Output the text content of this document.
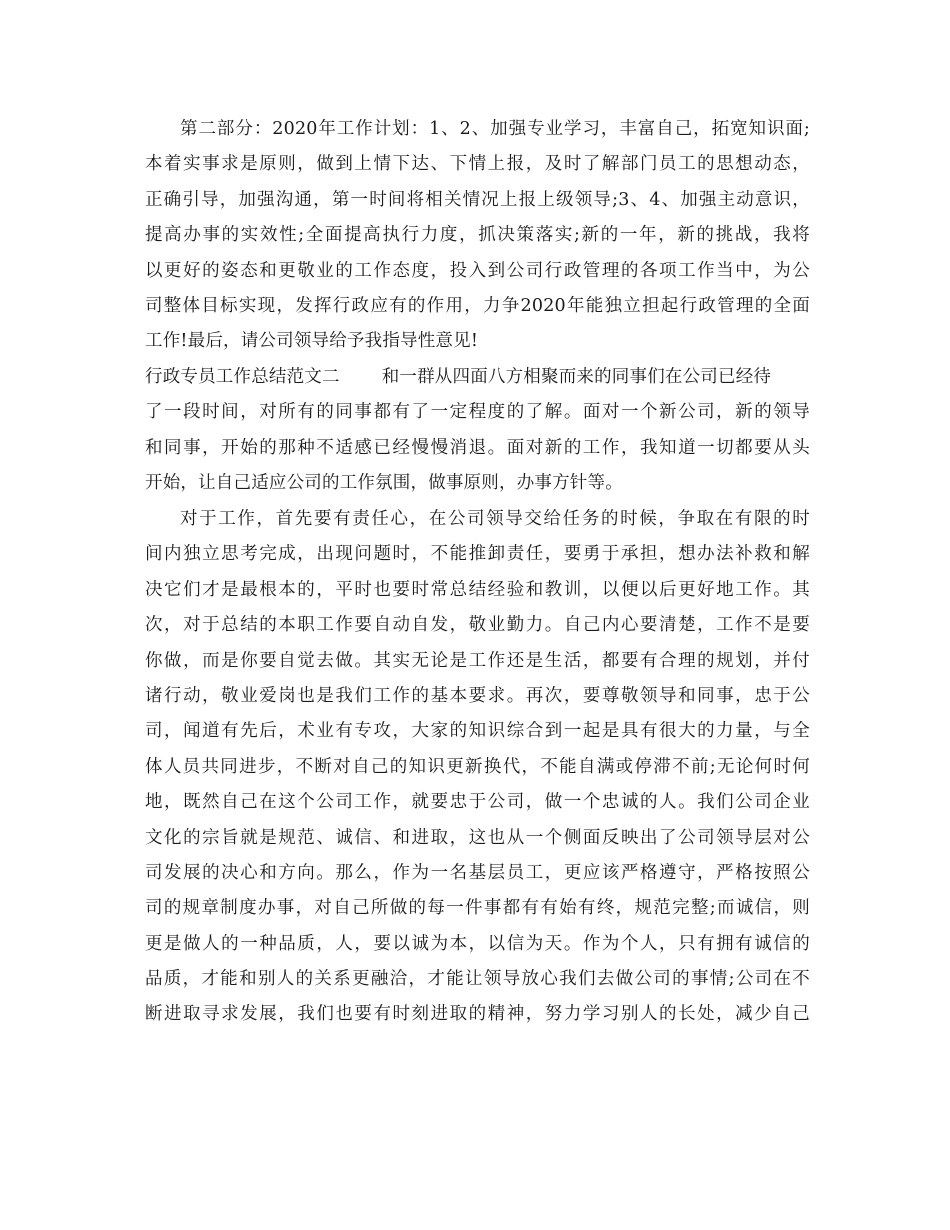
第二部分：2020年工作计划：1、2、加强专业学习，丰富自己，拓宽知识面;
本着实事求是原则，做到上情下达、下情上报，及时了解部门员工的思想动态，
正确引导，加强沟通，第一时间将相关情况上报上级领导;3、4、加强主动意识，
提高办事的实效性;全面提高执行力度，抓决策落实;新的一年，新的挑战，我将
以更好的姿态和更敬业的工作态度，投入到公司行政管理的各项工作当中，为公
司整体目标实现，发挥行政应有的作用，力争2020年能独立担起行政管理的全面
工作!最后，请公司领导给予我指导性意见!
行政专员工作总结范文二 和一群从四面八方相聚而来的同事们在公司已经待
了一段时间，对所有的同事都有了一定程度的了解。面对一个新公司，新的领导
和同事，开始的那种不适感已经慢慢消退。面对新的工作，我知道一切都要从头
开始，让自己适应公司的工作氛围，做事原则，办事方针等。
对于工作，首先要有责任心，在公司领导交给任务的时候，争取在有限的时
间内独立思考完成，出现问题时，不能推卸责任，要勇于承担，想办法补救和解
决它们才是最根本的，平时也要时常总结经验和教训，以便以后更好地工作。其
次，对于总结的本职工作要自动自发，敬业勤力。自己内心要清楚，工作不是要
你做，而是你要自觉去做。其实无论是工作还是生活，都要有合理的规划，并付
诸行动，敬业爱岗也是我们工作的基本要求。再次，要尊敬领导和同事，忠于公
司，闻道有先后，术业有专攻，大家的知识综合到一起是具有很大的力量，与全
体人员共同进步，不断对自己的知识更新换代，不能自满或停滞不前;无论何时何
地，既然自己在这个公司工作，就要忠于公司，做一个忠诚的人。我们公司企业
文化的宗旨就是规范、诚信、和进取，这也从一个侧面反映出了公司领导层对公
司发展的决心和方向。那么，作为一名基层员工，更应该严格遵守，严格按照公
司的规章制度办事，对自己所做的每一件事都有有始有终，规范完整;而诚信，则
更是做人的一种品质，人，要以诚为本，以信为天。作为个人，只有拥有诚信的
品质，才能和别人的关系更融洽，才能让领导放心我们去做公司的事情;公司在不
断进取寻求发展，我们也要有时刻进取的精神，努力学习别人的长处，减少自己
